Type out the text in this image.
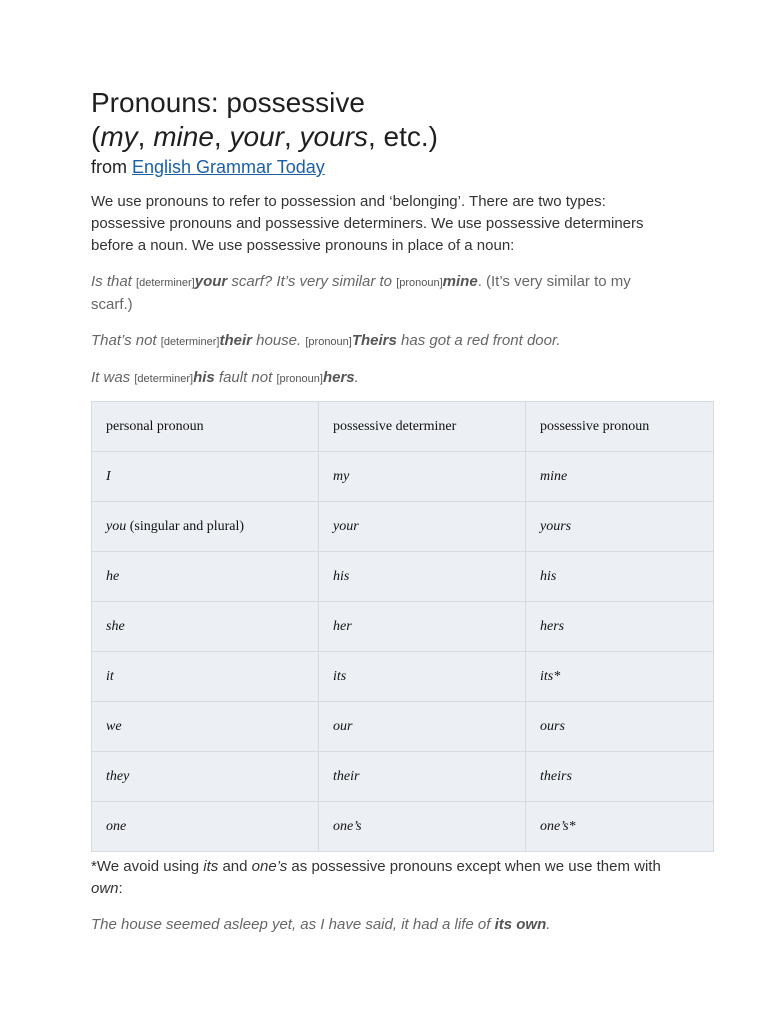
Pronouns: possessive
(my, mine, your, yours, etc.)
from English Grammar Today

We use pronouns to refer to possession and ‘belonging’. There are two types: possessive pronouns and possessive determiners. We use possessive determiners before a noun. We use possessive pronouns in place of a noun:

Is that [determiner]your scarf? It’s very similar to [pronoun]mine. (It’s very similar to my scarf.)

That’s not [determiner]their house. [pronoun]Theirs has got a red front door.

It was [determiner]his fault not [pronoun]hers.

personal pronoun	possessive determiner	possessive pronoun
I	my	mine
you (singular and plural)	your	yours
he	his	his
she	her	hers
it	its	its*
we	our	ours
they	their	theirs
one	one’s	one’s*

*We avoid using its and one’s as possessive pronouns except when we use them with own:

The house seemed asleep yet, as I have said, it had a life of its own.
